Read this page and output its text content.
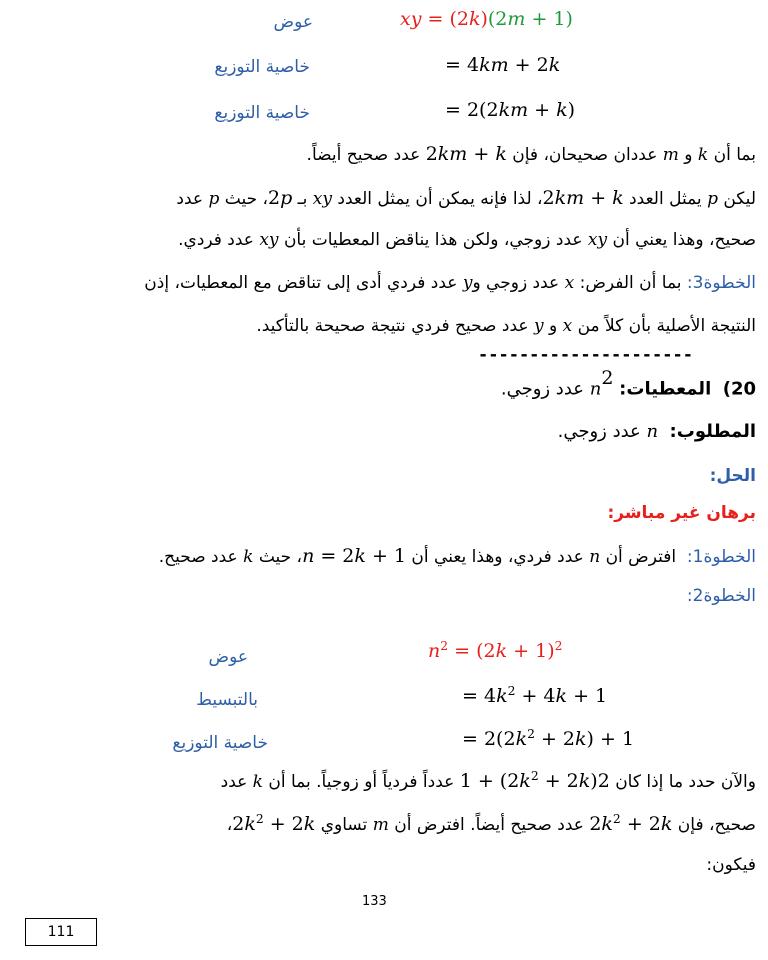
عوض	xy = (2k)(2m + 1)
خاصية التوزيع	= 4km + 2k
خاصية التوزيع	= 2(2km + k)
بما أن k و m عددان صحيحان، فإن 2km + k عدد صحيح أيضاً.
ليكن p يمثل العدد 2km + k، لذا فإنه يمكن أن يمثل العدد xy بـ 2p، حيث p عدد
صحيح، وهذا يعني أن xy عدد زوجي، ولكن هذا يناقض المعطيات بأن xy عدد فردي.
الخطوة3: بما أن الفرض: x عدد زوجي وy عدد فردي أدى إلى تناقض مع المعطيات، إذن
النتيجة الأصلية بأن كلاً من x و y عدد صحيح فردي نتيجة صحيحة بالتأكيد.
---------------------
20)  المعطيات: $n^2$ عدد زوجي.
المطلوب:  n عدد زوجي.
الحل:
برهان غير مباشر:
الخطوة1:  افترض أن n عدد فردي، وهذا يعني أن n = 2k + 1، حيث k عدد صحيح.
الخطوة2:
عوض	$n^2 = (2k + 1)^2$
بالتبسيط	= $4k^2 + 4k + 1$
خاصية التوزيع	= $2(2k^2 + 2k) + 1$
والآن حدد ما إذا كان $2(2k^2 + 2k) + 1$ عدداً فردياً أو زوجياً. بما أن k عدد
صحيح، فإن $2k^2 + 2k$ عدد صحيح أيضاً. افترض أن m تساوي $2k^2$ + 2k،
فيكون:
133
111
